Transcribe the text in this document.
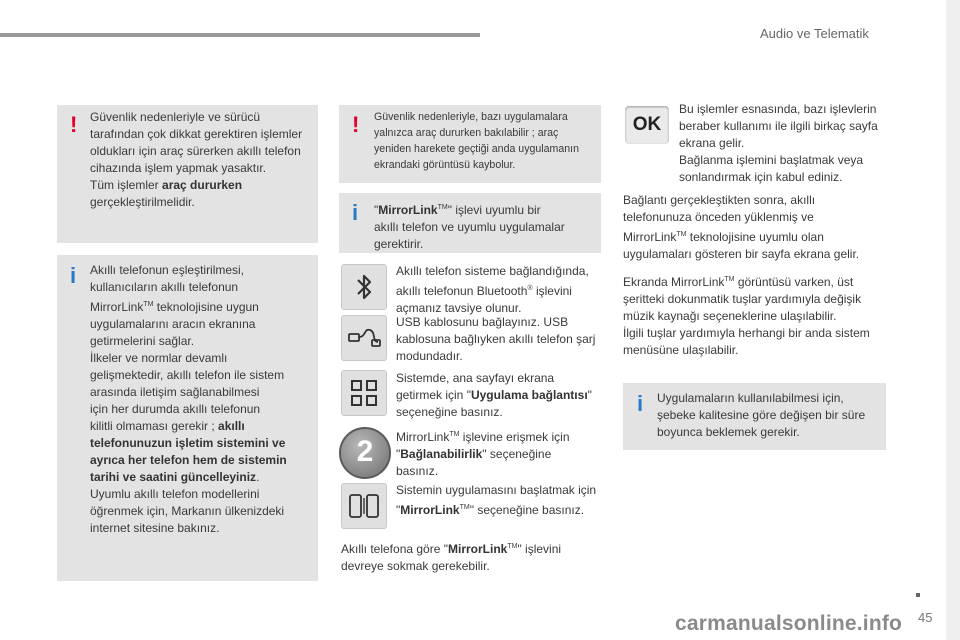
Audio ve Telematik
! Güvenlik nedenleriyle ve sürücü
tarafından çok dikkat gerektiren işlemler
oldukları için araç sürerken akıllı telefon
cihazında işlem yapmak yasaktır.
Tüm işlemler araç dururken
gerçekleştirilmelidir.
i Akıllı telefonun eşleştirilmesi,
kullanıcıların akıllı telefonun
MirrorLink™ teknolojisine uygun
uygulamalarını aracın ekranına
getirmelerini sağlar.
İlkeler ve normlar devamlı
gelişmektedir, akıllı telefon ile sistem
arasında iletişim sağlanabilmesi
için her durumda akıllı telefonun
kilitli olmaması gerekir ; akıllı
telefonunuzun işletim sistemini ve
ayrıca her telefon hem de sistemin
tarihi ve saatini güncelleyiniz.
Uyumlu akıllı telefon modellerini
öğrenmek için, Markanın ülkenizdeki
internet sitesine bakınız.
! Güvenlik nedenleriyle, bazı uygulamalara
yalnızca araç dururken bakılabilir ; araç
yeniden harekete geçtiği anda uygulamanın
ekrandaki görüntüsü kaybolur.
i "MirrorLink™" işlevi uyumlu bir
akıllı telefon ve uyumlu uygulamalar
gerektirir.
Akıllı telefon sisteme bağlandığında,
akıllı telefonun Bluetooth® işlevini
açmanız tavsiye olunur.
USB kablosunu bağlayınız. USB
kablosuna bağlıyken akıllı telefon şarj
modundadır.
Sistemde, ana sayfayı ekrana
getirmek için "Uygulama bağlantısı"
seçeneğine basınız.
2	MirrorLink™ işlevine erişmek için
"Bağlanabilirlik" seçeneğine
basınız.
Sistemin uygulamasını başlatmak için
"MirrorLink™" seçeneğine basınız.
Akıllı telefona göre "MirrorLink™" işlevini
devreye sokmak gerekebilir.
OK
Bu işlemler esnasında, bazı işlevlerin
beraber kullanımı ile ilgili birkaç sayfa
ekrana gelir.
Bağlanma işlemini başlatmak veya
sonlandırmak için kabul ediniz.
Bağlantı gerçekleştikten sonra, akıllı
telefonunuza önceden yüklenmiş ve
MirrorLink™ teknolojisine uyumlu olan
uygulamaları gösteren bir sayfa ekrana gelir.
Ekranda MirrorLink™ görüntüsü varken, üst
şeritteki dokunmatik tuşlar yardımıyla değişik
müzik kaynağı seçeneklerine ulaşılabilir.
İlgili tuşlar yardımıyla herhangi bir anda sistem
menüsüne ulaşılabilir.
i Uygulamaların kullanılabilmesi için,
şebeke kalitesine göre değişen bir süre
boyunca beklemek gerekir.
carmanualsonline.info 45
